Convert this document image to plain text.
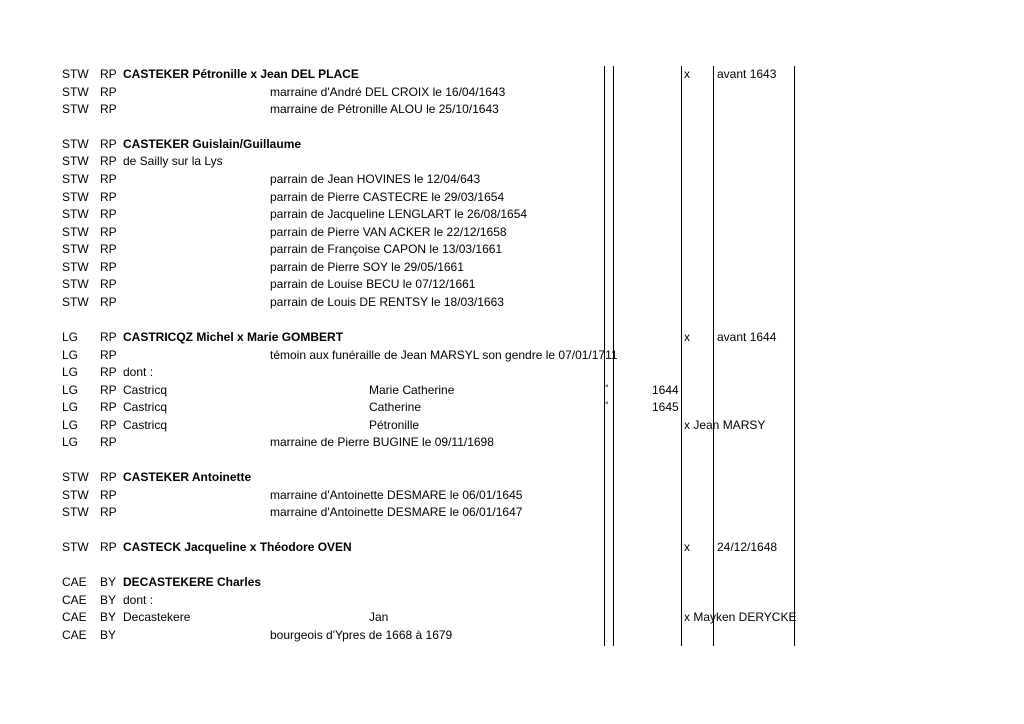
STW RP CASTEKER Pétronille x Jean DEL PLACE	x avant 1643
STW RP	marraine d'André DEL CROIX le 16/04/1643
STW RP	marraine de Pétronille ALOU le 25/10/1643
STW RP CASTEKER Guislain/Guillaume
STW RP de Sailly sur la Lys
STW RP	parrain de Jean HOVINES le 12/04/643
STW RP	parrain de Pierre CASTECRE le 29/03/1654
STW RP	parrain de Jacqueline LENGLART le 26/08/1654
STW RP	parrain de Pierre VAN ACKER le 22/12/1658
STW RP	parrain de Françoise CAPON le 13/03/1661
STW RP	parrain de Pierre SOY le 29/05/1661
STW RP	parrain de Louise BECU le 07/12/1661
STW RP	parrain de Louis DE RENTSY le 18/03/1663
LG RP CASTRICQZ Michel x Marie GOMBERT	x avant 1644
LG RP	témoin aux funéraille de Jean MARSYL son gendre le 07/01/1711
LG RP dont :
LG RP Castricq	Marie Catherine	°	1644
LG RP Castricq	Catherine	°	1645
LG RP Castricq	Pétronille	x Jean MARSY
LG RP	marraine de Pierre BUGINE le 09/11/1698
STW RP CASTEKER Antoinette
STW RP	marraine d'Antoinette DESMARE le 06/01/1645
STW RP	marraine d'Antoinette DESMARE le 06/01/1647
STW RP CASTECK Jacqueline x Théodore OVEN	x 24/12/1648
CAE BY DECASTEKERE Charles
CAE BY dont :
CAE BY Decastekere	Jan	x Mayken DERYCKE
CAE BY	bourgeois d'Ypres de 1668 à 1679
